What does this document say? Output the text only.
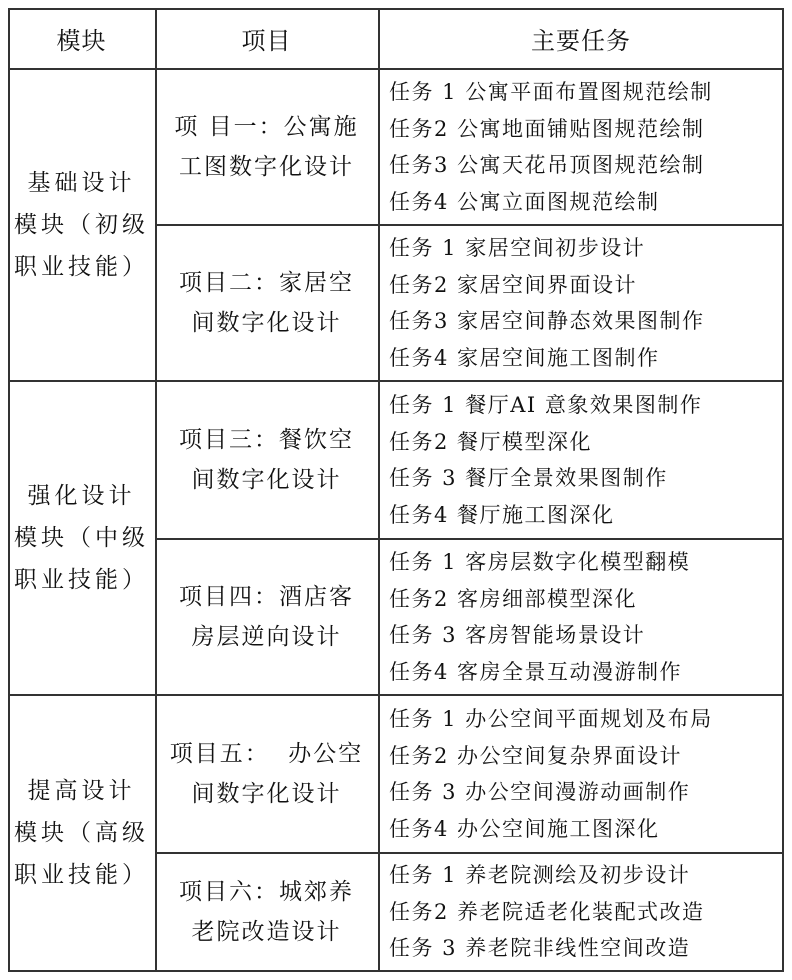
模块	项目	主要任务
基础设计
模块（初级
职业技能）
项 目一：公寓施
工图数字化设计
任务 1 公寓平面布置图规范绘制
任务2 公寓地面铺贴图规范绘制
任务3 公寓天花吊顶图规范绘制
任务4 公寓立面图规范绘制
项目二：家居空
间数字化设计
任务 1 家居空间初步设计
任务2 家居空间界面设计
任务3 家居空间静态效果图制作
任务4 家居空间施工图制作
强化设计
模块（中级
职业技能）
项目三：餐饮空
间数字化设计
任务 1 餐厅AI 意象效果图制作
任务2 餐厅模型深化
任务 3 餐厅全景效果图制作
任务4 餐厅施工图深化
项目四：酒店客
房层逆向设计
任务 1 客房层数字化模型翻模
任务2 客房细部模型深化
任务 3 客房智能场景设计
任务4 客房全景互动漫游制作
提高设计
模块（高级
职业技能）
项目五：  办公空
间数字化设计
任务 1 办公空间平面规划及布局
任务2 办公空间复杂界面设计
任务 3 办公空间漫游动画制作
任务4 办公空间施工图深化
项目六：城郊养
老院改造设计
任务 1 养老院测绘及初步设计
任务2 养老院适老化装配式改造
任务 3 养老院非线性空间改造
